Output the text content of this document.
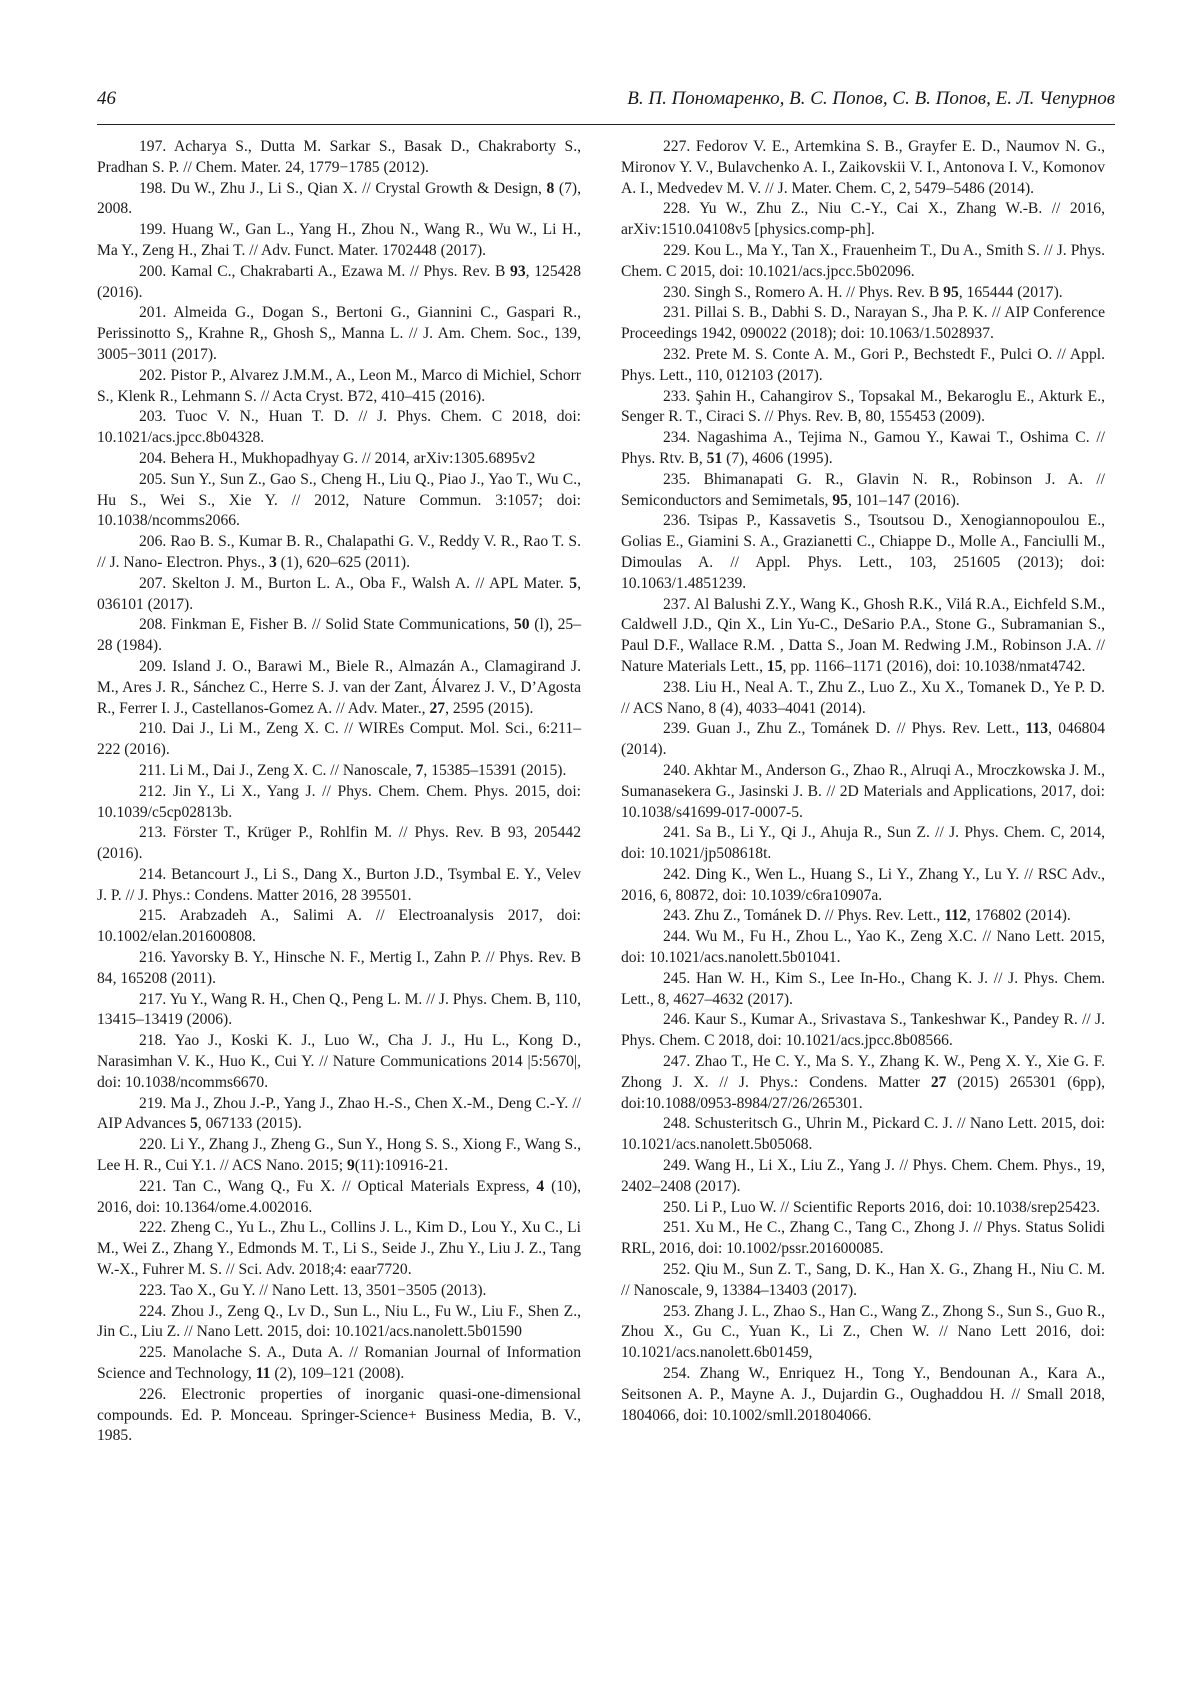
46	В. П. Пономаренко, В. С. Попов, С. В. Попов, Е. Л. Чепурнов

197. Acharya S., Dutta M. Sarkar S., Basak D., Chakraborty S., Pradhan S. P. // Chem. Mater. 24, 1779−1785 (2012).

198. Du W., Zhu J., Li S., Qian X. // Crystal Growth & Design, 8 (7), 2008.

199. Huang W., Gan L., Yang H., Zhou N., Wang R., Wu W., Li H., Ma Y., Zeng H., Zhai T. // Adv. Funct. Mater. 1702448 (2017).

200. Kamal C., Chakrabarti A., Ezawa M. // Phys. Rev. B 93, 125428 (2016).

201. Almeida G., Dogan S., Bertoni G., Giannini C., Gaspari R., Perissinotto S,, Krahne R,, Ghosh S,, Manna L. // J. Am. Chem. Soc., 139, 3005−3011 (2017).

202. Pistor P., Alvarez J.M.M., A., Leon M., Marco di Michiel, Schorr S., Klenk R., Lehmann S. // Acta Cryst. B72, 410–415 (2016).

203. Tuoc V. N., Huan T. D. // J. Phys. Chem. C 2018, doi: 10.1021/acs.jpcc.8b04328.

204. Behera H., Mukhopadhyay G. // 2014, arXiv:1305.6895v2

205. Sun Y., Sun Z., Gao S., Cheng H., Liu Q., Piao J., Yao T., Wu C., Hu S., Wei S., Xie Y. // 2012, Nature Commun. 3:1057; doi: 10.1038/ncomms2066.

206. Rao B. S., Kumar B. R., Chalapathi G. V., Reddy V. R., Rao T. S. // J. Nano- Electron. Phys., 3 (1), 620–625 (2011).

207. Skelton J. M., Burton L. A., Oba F., Walsh A. // APL Mater. 5, 036101 (2017).

208. Finkman E, Fisher B. // Solid State Communications, 50 (l), 25–28 (1984).

209. Island J. O., Barawi M., Biele R., Almazán A., Clamagirand J. M., Ares J. R., Sánchez C., Herre S. J. van der Zant, Álvarez J. V., D’Agosta R., Ferrer I. J., Castellanos-Gomez A. // Adv. Mater., 27, 2595 (2015).

210. Dai J., Li M., Zeng X. C. // WIREs Comput. Mol. Sci., 6:211–222 (2016).

211. Li M., Dai J., Zeng X. C. // Nanoscale, 7, 15385–15391 (2015).

212. Jin Y., Li X., Yang J. // Phys. Chem. Chem. Phys. 2015, doi: 10.1039/c5cp02813b.

213. Förster T., Krüger P., Rohlfin M. // Phys. Rev. B 93, 205442 (2016).

214. Betancourt J., Li S., Dang X., Burton J.D., Tsymbal E. Y., Velev J. P. // J. Phys.: Condens. Matter 2016, 28 395501.

215. Arabzadeh A., Salimi A. // Electroanalysis 2017, doi: 10.1002/elan.201600808.

216. Yavorsky B. Y., Hinsche N. F., Mertig I., Zahn P. // Phys. Rev. B 84, 165208 (2011).

217. Yu Y., Wang R. H., Chen Q., Peng L. M. // J. Phys. Chem. B, 110, 13415–13419 (2006).

218. Yao J., Koski K. J., Luo W., Cha J. J., Hu L., Kong D., Narasimhan V. K., Huo K., Cui Y. // Nature Communications 2014 |5:5670|, doi: 10.1038/ncomms6670.

219. Ma J., Zhou J.-P., Yang J., Zhao H.-S., Chen X.-M., Deng C.-Y. // AIP Advances 5, 067133 (2015).

220. Li Y., Zhang J., Zheng G., Sun Y., Hong S. S., Xiong F., Wang S., Lee H. R., Cui Y.1. // ACS Nano. 2015; 9(11):10916-21.

221. Tan C., Wang Q., Fu X. // Optical Materials Express, 4 (10), 2016, doi: 10.1364/ome.4.002016.

222. Zheng C., Yu L., Zhu L., Collins J. L., Kim D., Lou Y., Xu C., Li M., Wei Z., Zhang Y., Edmonds M. T., Li S., Seide J., Zhu Y., Liu J. Z., Tang W.-X., Fuhrer M. S. // Sci. Adv. 2018;4: eaar7720.

223. Tao X., Gu Y. // Nano Lett. 13, 3501−3505 (2013).

224. Zhou J., Zeng Q., Lv D., Sun L., Niu L., Fu W., Liu F., Shen Z., Jin C., Liu Z. // Nano Lett. 2015, doi: 10.1021/acs.nanolett.5b01590

225. Manolache S. A., Duta A. // Romanian Journal of Information Science and Technology, 11 (2), 109–121 (2008).

226. Electronic properties of inorganic quasi-one-dimensional compounds. Ed. P. Monceau. Springer-Science+ Business Media, B. V., 1985.

227. Fedorov V. E., Artemkina S. B., Grayfer E. D., Naumov N. G., Mironov Y. V., Bulavchenko A. I., Zaikovskii V. I., Antonova I. V., Komonov A. I., Medvedev M. V. // J. Mater. Chem. C, 2, 5479–5486 (2014).

228. Yu W., Zhu Z., Niu C.-Y., Cai X., Zhang W.-B. // 2016, arXiv:1510.04108v5 [physics.comp-ph].

229. Kou L., Ma Y., Tan X., Frauenheim T., Du A., Smith S. // J. Phys. Chem. C 2015, doi: 10.1021/acs.jpcc.5b02096.

230. Singh S., Romero A. H. // Phys. Rev. B 95, 165444 (2017).

231. Pillai S. B., Dabhi S. D., Narayan S., Jha P. K. // AIP Conference Proceedings 1942, 090022 (2018); doi: 10.1063/1.5028937.

232. Prete M. S. Conte A. M., Gori P., Bechstedt F., Pulci O. // Appl. Phys. Lett., 110, 012103 (2017).

233. Şahin H., Cahangirov S., Topsakal M., Bekaroglu E., Akturk E., Senger R. T., Ciraci S. // Phys. Rev. B, 80, 155453 (2009).

234. Nagashima A., Tejima N., Gamou Y., Kawai T., Oshima C. // Phys. Rtv. B, 51 (7), 4606 (1995).

235. Bhimanapati G. R., Glavin N. R., Robinson J. A. // Semiconductors and Semimetals, 95, 101–147 (2016).

236. Tsipas P., Kassavetis S., Tsoutsou D., Xenogiannopoulou E., Golias E., Giamini S. A., Grazianetti C., Chiappe D., Molle A., Fanciulli M., Dimoulas A. // Appl. Phys. Lett., 103, 251605 (2013); doi: 10.1063/1.4851239.

237. Al Balushi Z.Y., Wang K., Ghosh R.K., Vilá R.A., Eichfeld S.M., Caldwell J.D., Qin X., Lin Yu-C., DeSario P.A., Stone G., Subramanian S., Paul D.F., Wallace R.M. , Datta S., Joan M. Redwing J.M., Robinson J.A. // Nature Materials Lett., 15, pp. 1166–1171 (2016), doi: 10.1038/nmat4742.

238. Liu H., Neal A. T., Zhu Z., Luo Z., Xu X., Tomanek D., Ye P. D. // ACS Nano, 8 (4), 4033–4041 (2014).

239. Guan J., Zhu Z., Tománek D. // Phys. Rev. Lett., 113, 046804 (2014).

240. Akhtar M., Anderson G., Zhao R., Alruqi A., Mroczkowska J. M., Sumanasekera G., Jasinski J. B. // 2D Materials and Applications, 2017, doi: 10.1038/s41699-017-0007-5.

241. Sa B., Li Y., Qi J., Ahuja R., Sun Z. // J. Phys. Chem. C, 2014, doi: 10.1021/jp508618t.

242. Ding K., Wen L., Huang S., Li Y., Zhang Y., Lu Y. // RSC Adv., 2016, 6, 80872, doi: 10.1039/c6ra10907a.

243. Zhu Z., Tománek D. // Phys. Rev. Lett., 112, 176802 (2014).

244. Wu M., Fu H., Zhou L., Yao K., Zeng X.C. // Nano Lett. 2015, doi: 10.1021/acs.nanolett.5b01041.

245. Han W. H., Kim S., Lee In-Ho., Chang K. J. // J. Phys. Chem. Lett., 8, 4627–4632 (2017).

246. Kaur S., Kumar A., Srivastava S., Tankeshwar K., Pandey R. // J. Phys. Chem. C 2018, doi: 10.1021/acs.jpcc.8b08566.

247. Zhao T., He C. Y., Ma S. Y., Zhang K. W., Peng X. Y., Xie G. F. Zhong J. X. // J. Phys.: Condens. Matter 27 (2015) 265301 (6pp), doi:10.1088/0953-8984/27/26/265301.

248. Schusteritsch G., Uhrin M., Pickard C. J. // Nano Lett. 2015, doi: 10.1021/acs.nanolett.5b05068.

249. Wang H., Li X., Liu Z., Yang J. // Phys. Chem. Chem. Phys., 19, 2402–2408 (2017).

250. Li P., Luo W. // Scientific Reports 2016, doi: 10.1038/srep25423.

251. Xu M., He C., Zhang C., Tang C., Zhong J. // Phys. Status Solidi RRL, 2016, doi: 10.1002/pssr.201600085.

252. Qiu M., Sun Z. T., Sang, D. K., Han X. G., Zhang H., Niu C. M. // Nanoscale, 9, 13384–13403 (2017).

253. Zhang J. L., Zhao S., Han C., Wang Z., Zhong S., Sun S., Guo R., Zhou X., Gu C., Yuan K., Li Z., Chen W. // Nano Lett 2016, doi: 10.1021/acs.nanolett.6b01459,

254. Zhang W., Enriquez H., Tong Y., Bendounan A., Kara A., Seitsonen A. P., Mayne A. J., Dujardin G., Oughaddou H. // Small 2018, 1804066, doi: 10.1002/smll.201804066.
